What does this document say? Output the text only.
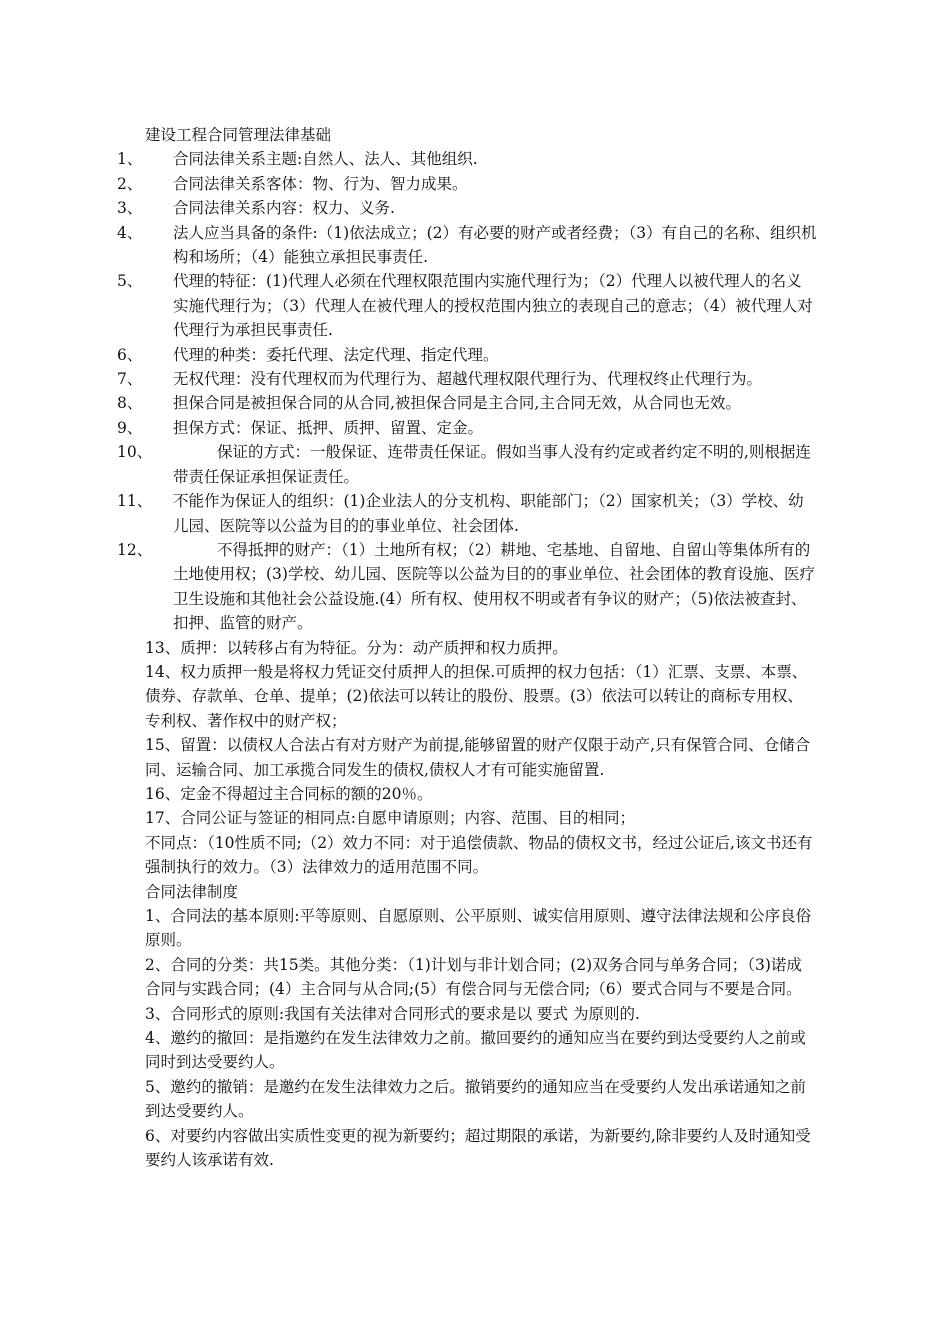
建设工程合同管理法律基础

1、 合同法律关系主题:自然人、法人、其他组织.

2、 合同法律关系客体：物、行为、智力成果。

3、 合同法律关系内容：权力、义务.

4、 法人应当具备的条件:（1)依法成立；(2）有必要的财产或者经费；（3）有自己的名称、组织机构和场所；（4）能独立承担民事责任.

5、 代理的特征：(1)代理人必须在代理权限范围内实施代理行为；（2）代理人以被代理人的名义实施代理行为；（3）代理人在被代理人的授权范围内独立的表现自己的意志；（4）被代理人对代理行为承担民事责任.

6、 代理的种类：委托代理、法定代理、指定代理。

7、 无权代理：没有代理权而为代理行为、超越代理权限代理行为、代理权终止代理行为。

8、 担保合同是被担保合同的从合同,被担保合同是主合同,主合同无效，从合同也无效。

9、 担保方式：保证、抵押、质押、留置、定金。

10、	保证的方式：一般保证、连带责任保证。假如当事人没有约定或者约定不明的,则根据连带责任保证承担保证责任。

11、 不能作为保证人的组织：(1)企业法人的分支机构、职能部门；（2）国家机关；（3）学校、幼儿园、医院等以公益为目的的事业单位、社会团体.

12、	不得抵押的财产：（1）土地所有权；（2）耕地、宅基地、自留地、自留山等集体所有的土地使用权；(3)学校、幼儿园、医院等以公益为目的的事业单位、社会团体的教育设施、医疗卫生设施和其他社会公益设施.(4）所有权、使用权不明或者有争议的财产；（5)依法被查封、扣押、监管的财产。

13、质押：以转移占有为特征。分为：动产质押和权力质押。

14、权力质押一般是将权力凭证交付质押人的担保.可质押的权力包括：（1）汇票、支票、本票、债券、存款单、仓单、提单；(2)依法可以转让的股份、股票。(3）依法可以转让的商标专用权、专利权、著作权中的财产权；

15、留置：以债权人合法占有对方财产为前提,能够留置的财产仅限于动产,只有保管合同、仓储合同、运输合同、加工承揽合同发生的债权,债权人才有可能实施留置.

16、定金不得超过主合同标的额的20％。

17、合同公证与签证的相同点:自愿申请原则；内容、范围、目的相同；

不同点：（10性质不同;（2）效力不同：对于追偿债款、物品的债权文书，经过公证后,该文书还有强制执行的效力。（3）法律效力的适用范围不同。

合同法律制度

1、合同法的基本原则:平等原则、自愿原则、公平原则、诚实信用原则、遵守法律法规和公序良俗原则。

2、合同的分类：共15类。其他分类：（1)计划与非计划合同；(2)双务合同与单务合同；（3)诺成合同与实践合同；(4）主合同与从合同;(5）有偿合同与无偿合同;（6）要式合同与不要是合同。

3、合同形式的原则:我国有关法律对合同形式的要求是以 要式 为原则的.

4、邀约的撤回：是指邀约在发生法律效力之前。撤回要约的通知应当在要约到达受要约人之前或同时到达受要约人。

5、邀约的撤销：是邀约在发生法律效力之后。撤销要约的通知应当在受要约人发出承诺通知之前到达受要约人。

6、对要约内容做出实质性变更的视为新要约；超过期限的承诺，为新要约,除非要约人及时通知受要约人该承诺有效.
